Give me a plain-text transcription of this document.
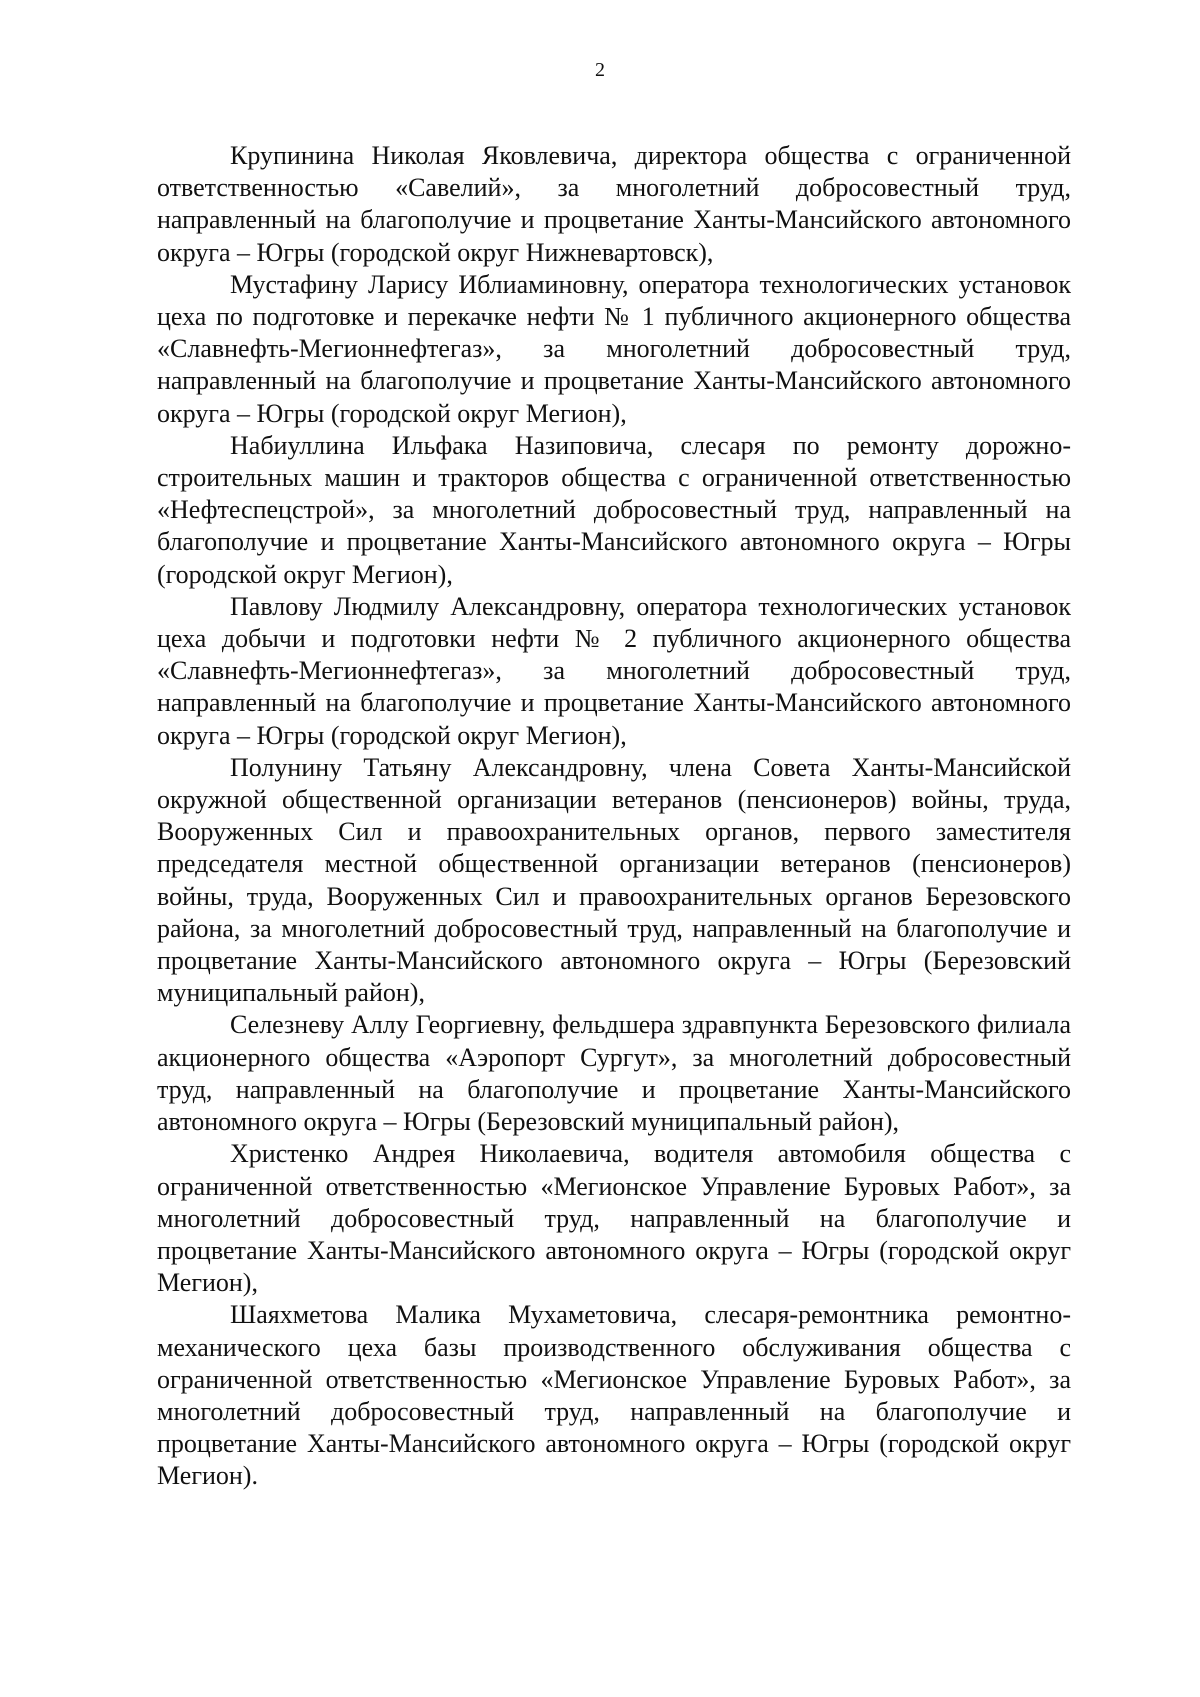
2

Крупинина Николая Яковлевича, директора общества с ограниченной ответственностью «Савелий», за многолетний добросовестный труд, направленный на благополучие и процветание Ханты-Мансийского автономного округа – Югры (городской округ Нижневартовск),

Мустафину Ларису Иблиаминовну, оператора технологических установок цеха по подготовке и перекачке нефти № 1 публичного акционерного общества «Славнефть-Мегионнефтегаз», за многолетний добросовестный труд, направленный на благополучие и процветание Ханты-Мансийского автономного округа – Югры (городской округ Мегион),

Набиуллина Ильфака Назиповича, слесаря по ремонту дорожно-строительных машин и тракторов общества с ограниченной ответственностью «Нефтеспецстрой», за многолетний добросовестный труд, направленный на благополучие и процветание Ханты-Мансийского автономного округа – Югры (городской округ Мегион),

Павлову Людмилу Александровну, оператора технологических установок цеха добычи и подготовки нефти № 2 публичного акционерного общества «Славнефть-Мегионнефтегаз», за многолетний добросовестный труд, направленный на благополучие и процветание Ханты-Мансийского автономного округа – Югры (городской округ Мегион),

Полунину Татьяну Александровну, члена Совета Ханты-Мансийской окружной общественной организации ветеранов (пенсионеров) войны, труда, Вооруженных Сил и правоохранительных органов, первого заместителя председателя местной общественной организации ветеранов (пенсионеров) войны, труда, Вооруженных Сил и правоохранительных органов Березовского района, за многолетний добросовестный труд, направленный на благополучие и процветание Ханты-Мансийского автономного округа – Югры (Березовский муниципальный район),

Селезневу Аллу Георгиевну, фельдшера здравпункта Березовского филиала акционерного общества «Аэропорт Сургут», за многолетний добросовестный труд, направленный на благополучие и процветание Ханты-Мансийского автономного округа – Югры (Березовский муниципальный район),

Христенко Андрея Николаевича, водителя автомобиля общества с ограниченной ответственностью «Мегионское Управление Буровых Работ», за многолетний добросовестный труд, направленный на благополучие и процветание Ханты-Мансийского автономного округа – Югры (городской округ Мегион),

Шаяхметова Малика Мухаметовича, слесаря-ремонтника ремонтно-механического цеха базы производственного обслуживания общества с ограниченной ответственностью «Мегионское Управление Буровых Работ», за многолетний добросовестный труд, направленный на благополучие и процветание Ханты-Мансийского автономного округа – Югры (городской округ Мегион).
